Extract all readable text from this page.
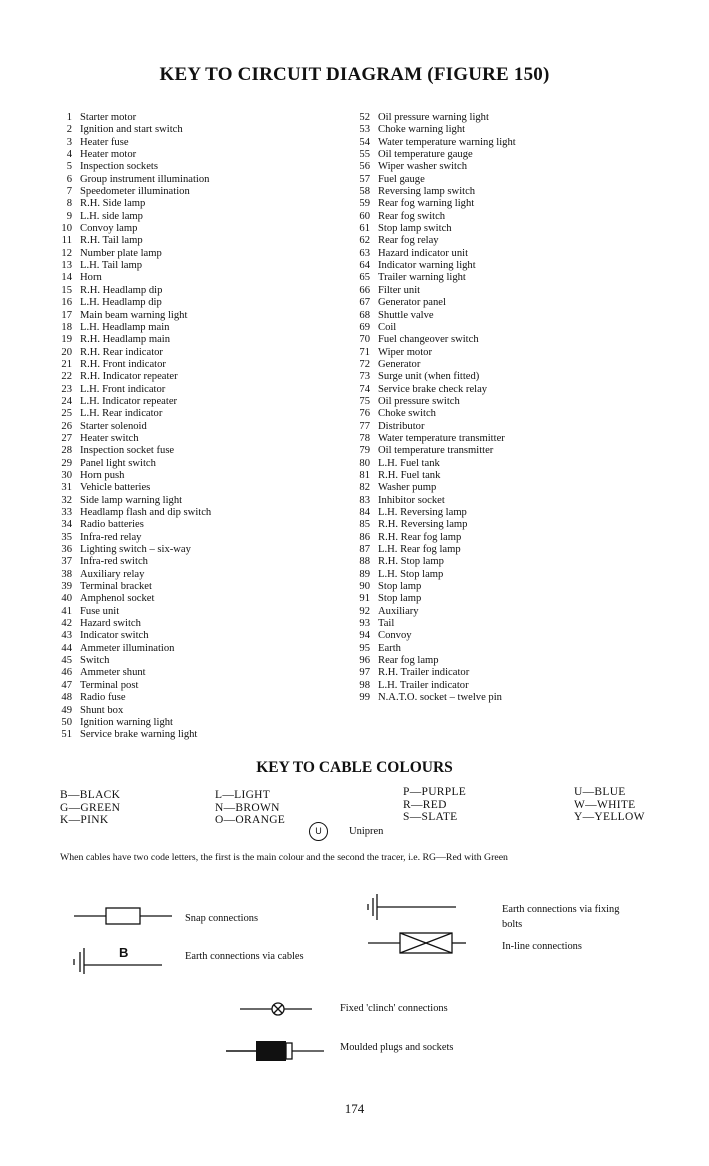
KEY TO CIRCUIT DIAGRAM (FIGURE 150)
1 Starter motor
2 Ignition and start switch
3 Heater fuse
4 Heater motor
5 Inspection sockets
6 Group instrument illumination
7 Speedometer illumination
8 R.H. Side lamp
9 L.H. side lamp
10 Convoy lamp
11 R.H. Tail lamp
12 Number plate lamp
13 L.H. Tail lamp
14 Horn
15 R.H. Headlamp dip
16 L.H. Headlamp dip
17 Main beam warning light
18 L.H. Headlamp main
19 R.H. Headlamp main
20 R.H. Rear indicator
21 R.H. Front indicator
22 R.H. Indicator repeater
23 L.H. Front indicator
24 L.H. Indicator repeater
25 L.H. Rear indicator
26 Starter solenoid
27 Heater switch
28 Inspection socket fuse
29 Panel light switch
30 Horn push
31 Vehicle batteries
32 Side lamp warning light
33 Headlamp flash and dip switch
34 Radio batteries
35 Infra-red relay
36 Lighting switch – six-way
37 Infra-red switch
38 Auxiliary relay
39 Terminal bracket
40 Amphenol socket
41 Fuse unit
42 Hazard switch
43 Indicator switch
44 Ammeter illumination
45 Switch
46 Ammeter shunt
47 Terminal post
48 Radio fuse
49 Shunt box
50 Ignition warning light
51 Service brake warning light
52 Oil pressure warning light
53 Choke warning light
54 Water temperature warning light
55 Oil temperature gauge
56 Wiper washer switch
57 Fuel gauge
58 Reversing lamp switch
59 Rear fog warning light
60 Rear fog switch
61 Stop lamp switch
62 Rear fog relay
63 Hazard indicator unit
64 Indicator warning light
65 Trailer warning light
66 Filter unit
67 Generator panel
68 Shuttle valve
69 Coil
70 Fuel changeover switch
71 Wiper motor
72 Generator
73 Surge unit (when fitted)
74 Service brake check relay
75 Oil pressure switch
76 Choke switch
77 Distributor
78 Water temperature transmitter
79 Oil temperature transmitter
80 L.H. Fuel tank
81 R.H. Fuel tank
82 Washer pump
83 Inhibitor socket
84 L.H. Reversing lamp
85 R.H. Reversing lamp
86 R.H. Rear fog lamp
87 L.H. Rear fog lamp
88 R.H. Stop lamp
89 L.H. Stop lamp
90 Stop lamp
91 Stop lamp
92 Auxiliary
93 Tail
94 Convoy
95 Earth
96 Rear fog lamp
97 R.H. Trailer indicator
98 L.H. Trailer indicator
99 N.A.T.O. socket – twelve pin
KEY TO CABLE COLOURS
B—BLACK
G—GREEN
K—PINK
L—LIGHT
N—BROWN
O—ORANGE
P—PURPLE
R—RED
S—SLATE
U—BLUE
W—WHITE
Y—YELLOW
U	Unipren
When cables have two code letters, the first is the main colour and the second the tracer, i.e. RG—Red with Green
Snap connections
B	Earth connections via cables
Earth connections via fixing
bolts
In-line connections
Fixed 'clinch' connections
Moulded plugs and sockets
174
